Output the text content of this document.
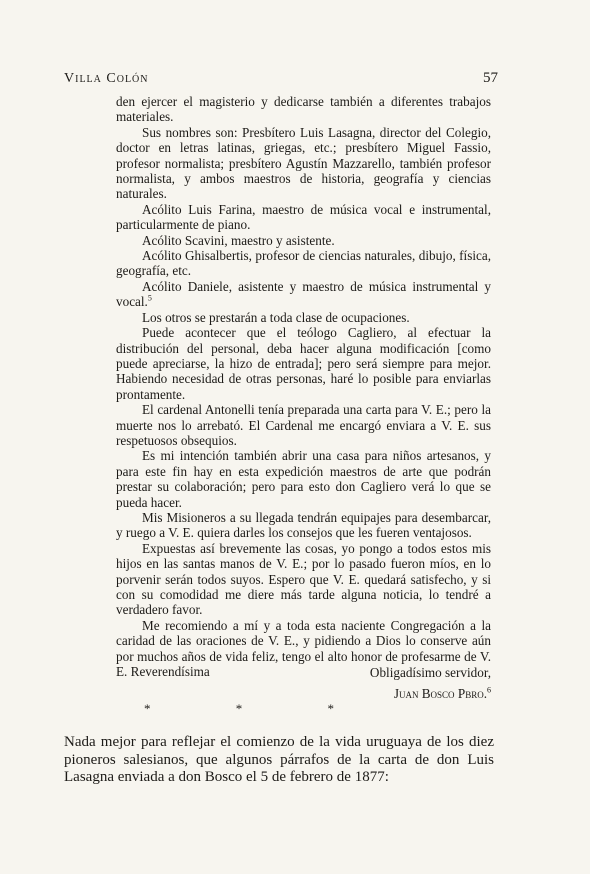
Villa Colón	57

den ejercer el magisterio y dedicarse también a diferentes trabajos materiales.

Sus nombres son: Presbítero Luis Lasagna, director del Colegio, doctor en letras latinas, griegas, etc.; presbítero Miguel Fassio, profesor normalista; presbítero Agustín Mazzarello, también profesor normalista, y ambos maestros de historia, geografía y ciencias naturales.

Acólito Luis Farina, maestro de música vocal e instrumental, particularmente de piano.

Acólito Scavini, maestro y asistente.

Acólito Ghisalbertis, profesor de ciencias naturales, dibujo, física, geografía, etc.

Acólito Daniele, asistente y maestro de música instrumental y vocal.$^5$

Los otros se prestarán a toda clase de ocupaciones.

Puede acontecer que el teólogo Cagliero, al efectuar la distribución del personal, deba hacer alguna modificación [como puede apreciarse, la hizo de entrada]; pero será siempre para mejor. Habiendo necesidad de otras personas, haré lo posible para enviarlas prontamente.

El cardenal Antonelli tenía preparada una carta para V. E.; pero la muerte nos lo arrebató. El Cardenal me encargó enviara a V. E. sus respetuosos obsequios.

Es mi intención también abrir una casa para niños artesanos, y para este fin hay en esta expedición maestros de arte que podrán prestar su colaboración; pero para esto don Cagliero verá lo que se pueda hacer.

Mis Misioneros a su llegada tendrán equipajes para desembarcar, y ruego a V. E. quiera darles los consejos que les fueren ventajosos.

Expuestas así brevemente las cosas, yo pongo a todos estos mis hijos en las santas manos de V. E.; por lo pasado fueron míos, en lo porvenir serán todos suyos. Espero que V. E. quedará satisfecho, y si con su comodidad me diere más tarde alguna noticia, lo tendré a verdadero favor.

Me recomiendo a mí y a toda esta naciente Congregación a la caridad de las oraciones de V. E., y pidiendo a Dios lo conserve aún por muchos años de vida feliz, tengo el alto honor de profesarme de V. E. Reverendísima	Obligadísimo servidor,
Juan Bosco Pbro.$^6$
*	*	*

Nada mejor para reflejar el comienzo de la vida uruguaya de los diez pioneros salesianos, que algunos párrafos de la carta de don Luis Lasagna enviada a don Bosco el 5 de febrero de 1877:
